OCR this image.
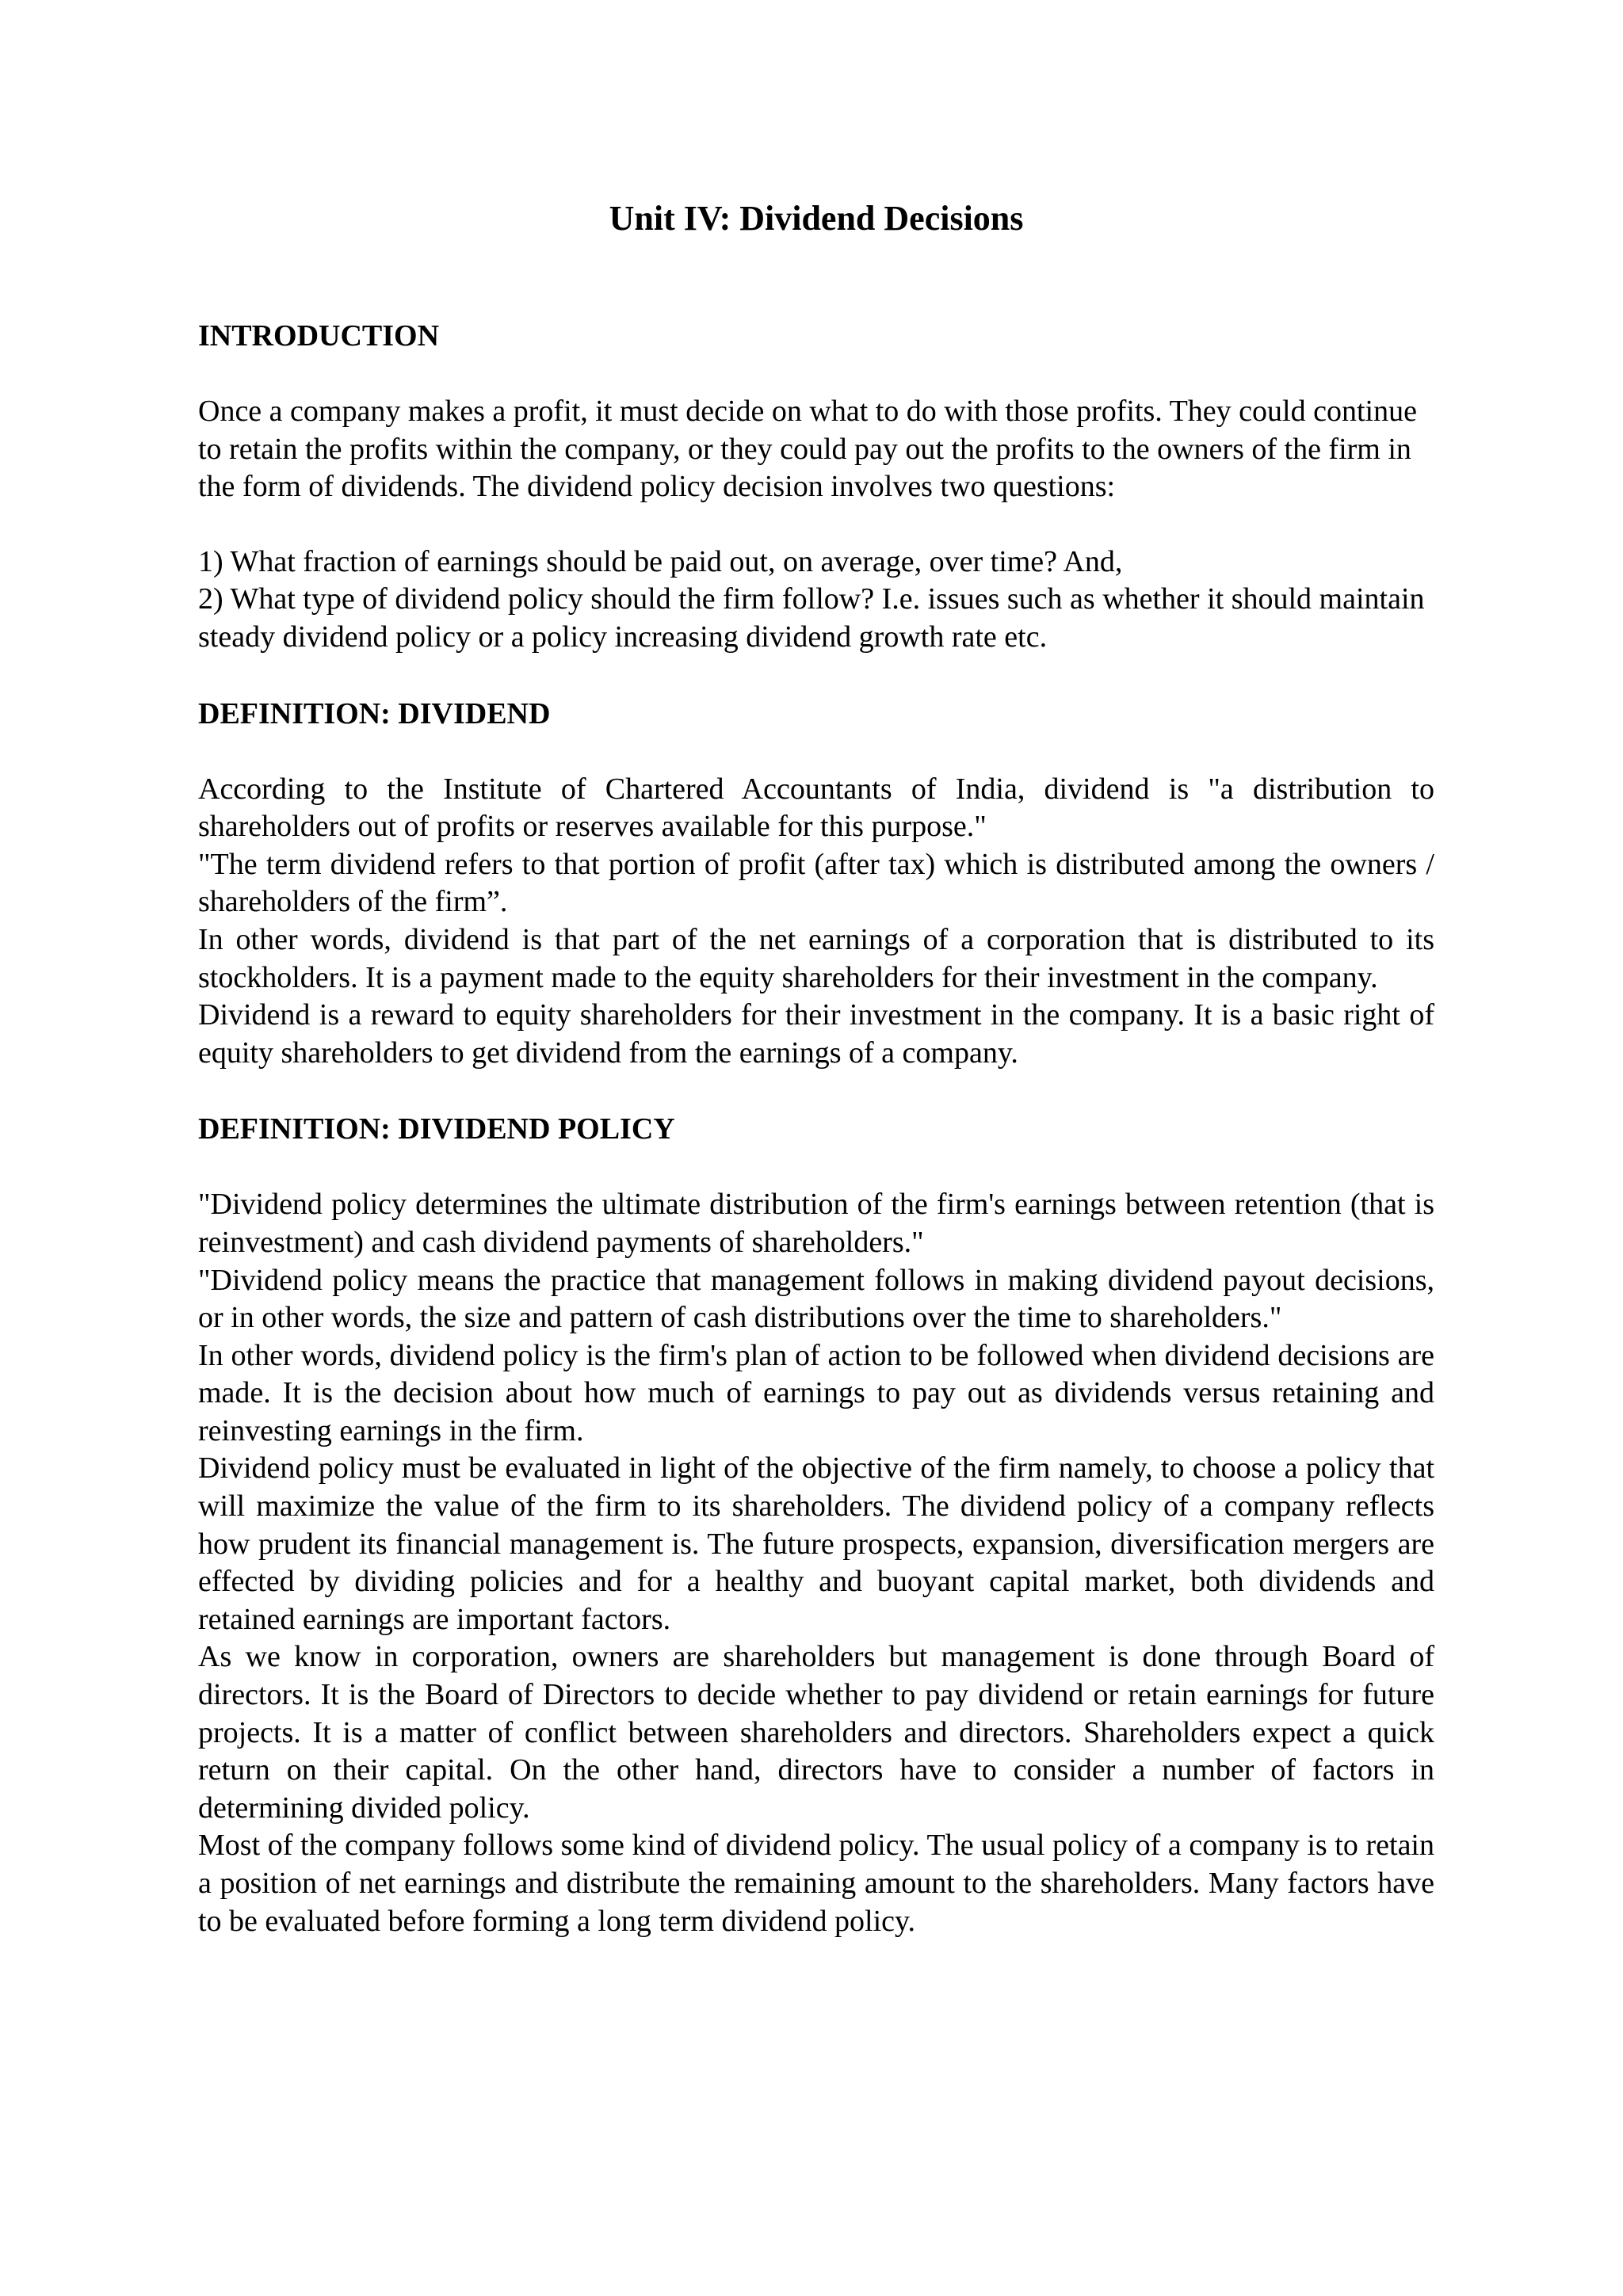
Unit IV: Dividend Decisions
INTRODUCTION

Once a company makes a profit, it must decide on what to do with those profits. They could continue to retain the profits within the company, or they could pay out the profits to the owners of the firm in the form of dividends. The dividend policy decision involves two questions:

1) What fraction of earnings should be paid out, on average, over time? And,

2) What type of dividend policy should the firm follow? I.e. issues such as whether it should maintain steady dividend policy or a policy increasing dividend growth rate etc.

DEFINITION: DIVIDEND

According to the Institute of Chartered Accountants of India, dividend is "a distribution to shareholders out of profits or reserves available for this purpose."

"The term dividend refers to that portion of profit (after tax) which is distributed among the owners / shareholders of the firm”.

In other words, dividend is that part of the net earnings of a corporation that is distributed to its stockholders. It is a payment made to the equity shareholders for their investment in the company.

Dividend is a reward to equity shareholders for their investment in the company. It is a basic right of equity shareholders to get dividend from the earnings of a company.

DEFINITION: DIVIDEND POLICY

"Dividend policy determines the ultimate distribution of the firm's earnings between retention (that is reinvestment) and cash dividend payments of shareholders."

"Dividend policy means the practice that management follows in making dividend payout decisions, or in other words, the size and pattern of cash distributions over the time to shareholders."

In other words, dividend policy is the firm's plan of action to be followed when dividend decisions are made. It is the decision about how much of earnings to pay out as dividends versus retaining and reinvesting earnings in the firm.

Dividend policy must be evaluated in light of the objective of the firm namely, to choose a policy that will maximize the value of the firm to its shareholders. The dividend policy of a company reflects how prudent its financial management is. The future prospects, expansion, diversification mergers are effected by dividing policies and for a healthy and buoyant capital market, both dividends and retained earnings are important factors.

As we know in corporation, owners are shareholders but management is done through Board of directors. It is the Board of Directors to decide whether to pay dividend or retain earnings for future projects. It is a matter of conflict between shareholders and directors. Shareholders expect a quick return on their capital. On the other hand, directors have to consider a number of factors in determining divided policy.

Most of the company follows some kind of dividend policy. The usual policy of a company is to retain a position of net earnings and distribute the remaining amount to the shareholders. Many factors have to be evaluated before forming a long term dividend policy.
